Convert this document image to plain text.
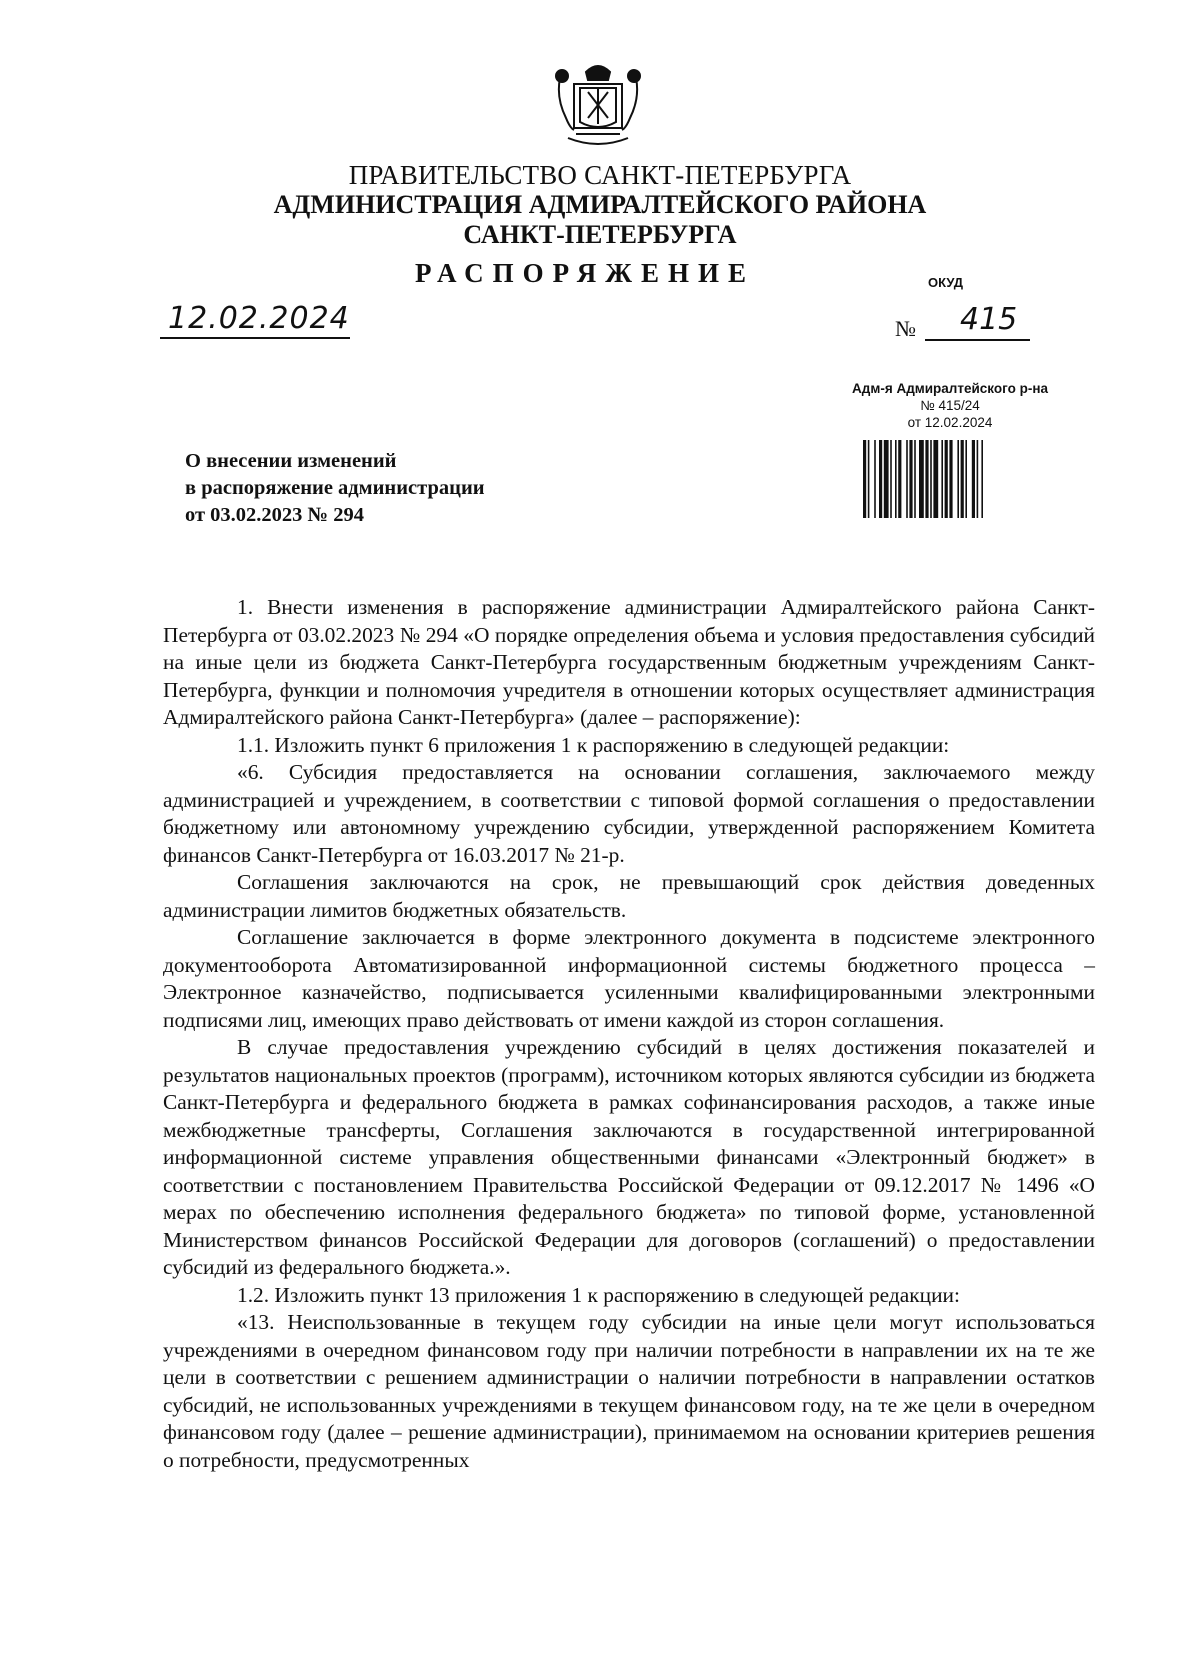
ПРАВИТЕЛЬСТВО САНКТ-ПЕТЕРБУРГА
АДМИНИСТРАЦИЯ АДМИРАЛТЕЙСКОГО РАЙОНА
САНКТ-ПЕТЕРБУРГА
РАСПОРЯЖЕНИЕ	ОКУД
12.02.2024	№ 415
Адм-я Адмиралтейского р-на
№ 415/24
от 12.02.2024
О внесении изменений
в распоряжение администрации
от 03.02.2023 № 294

1. Внести изменения в распоряжение администрации Адмиралтейского района Санкт-Петербурга от 03.02.2023 № 294 «О порядке определения объема и условия предоставления субсидий на иные цели из бюджета Санкт-Петербурга государственным бюджетным учреждениям Санкт-Петербурга, функции и полномочия учредителя в отношении которых осуществляет администрация Адмиралтейского района Санкт-Петербурга» (далее – распоряжение):

1.1. Изложить пункт 6 приложения 1 к распоряжению в следующей редакции:

«6. Субсидия предоставляется на основании соглашения, заключаемого между администрацией и учреждением, в соответствии с типовой формой соглашения о предоставлении бюджетному или автономному учреждению субсидии, утвержденной распоряжением Комитета финансов Санкт-Петербурга от 16.03.2017 № 21-р.

Соглашения заключаются на срок, не превышающий срок действия доведенных администрации лимитов бюджетных обязательств.

Соглашение заключается в форме электронного документа в подсистеме электронного документооборота Автоматизированной информационной системы бюджетного процесса – Электронное казначейство, подписывается усиленными квалифицированными электронными подписями лиц, имеющих право действовать от имени каждой из сторон соглашения.

В случае предоставления учреждению субсидий в целях достижения показателей и результатов национальных проектов (программ), источником которых являются субсидии из бюджета Санкт-Петербурга и федерального бюджета в рамках софинансирования расходов, а также иные межбюджетные трансферты, Соглашения заключаются в государственной интегрированной информационной системе управления общественными финансами «Электронный бюджет» в соответствии с постановлением Правительства Российской Федерации от 09.12.2017 № 1496 «О мерах по обеспечению исполнения федерального бюджета» по типовой форме, установленной Министерством финансов Российской Федерации для договоров (соглашений) о предоставлении субсидий из федерального бюджета.».

1.2. Изложить пункт 13 приложения 1 к распоряжению в следующей редакции:

«13. Неиспользованные в текущем году субсидии на иные цели могут использоваться учреждениями в очередном финансовом году при наличии потребности в направлении их на те же цели в соответствии с решением администрации о наличии потребности в направлении остатков субсидий, не использованных учреждениями в текущем финансовом году, на те же цели в очередном финансовом году (далее – решение администрации), принимаемом на основании критериев решения о потребности, предусмотренных
